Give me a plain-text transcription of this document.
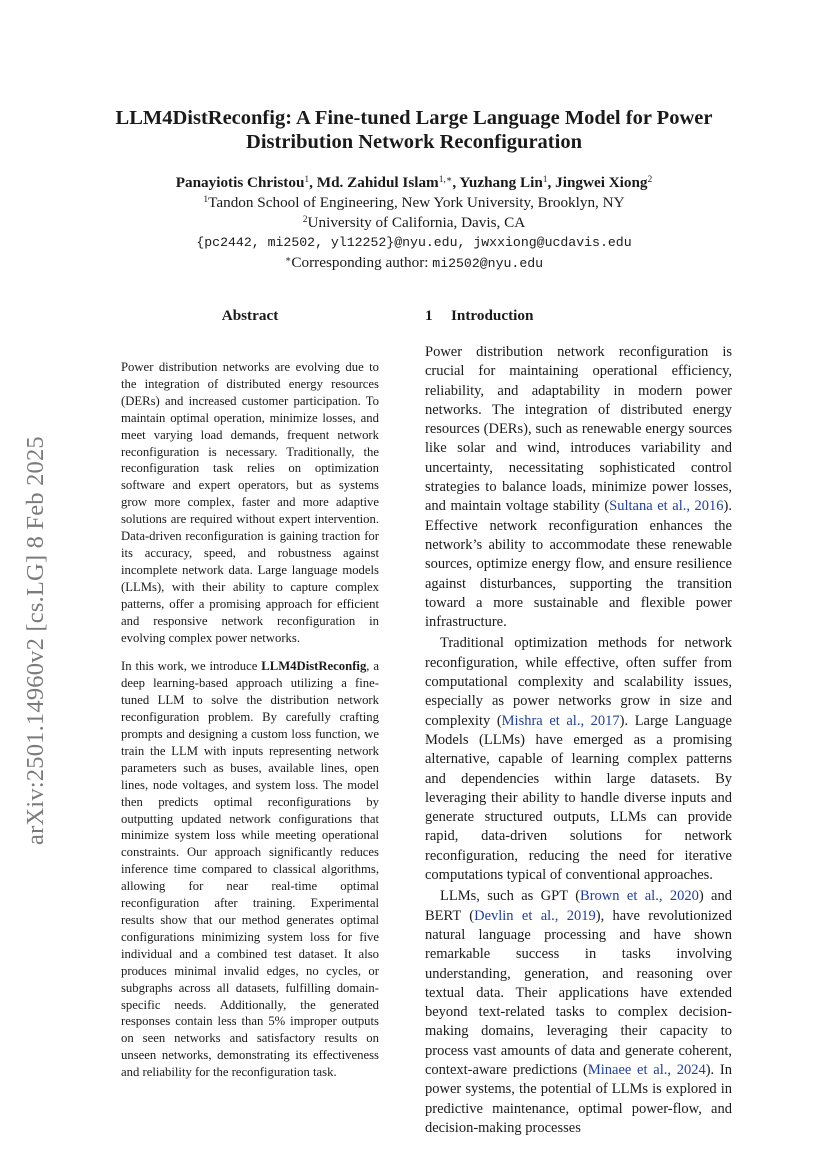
arXiv:2501.14960v2 [cs.LG] 8 Feb 2025
LLM4DistReconfig: A Fine-tuned Large Language Model for Power Distribution Network Reconfiguration
Panayiotis Christou$^1$, Md. Zahidul Islam$^{1,∗}$, Yuzhang Lin$^1$, Jingwei Xiong$^2$
$^1$Tandon School of Engineering, New York University, Brooklyn, NY
$^2$University of California, Davis, CA
{pc2442, mi2502, yl12252}@nyu.edu, jwxxiong@ucdavis.edu
∗Corresponding author: mi2502@nyu.edu
Abstract

Power distribution networks are evolving due to the integration of distributed energy resources (DERs) and increased customer participation. To maintain optimal operation, minimize losses, and meet varying load demands, frequent network reconfiguration is necessary. Traditionally, the reconfiguration task relies on optimization software and expert operators, but as systems grow more complex, faster and more adaptive solutions are required without expert intervention. Data-driven reconfiguration is gaining traction for its accuracy, speed, and robustness against incomplete network data. Large language models (LLMs), with their ability to capture complex patterns, offer a promising approach for efficient and responsive network reconfiguration in evolving complex power networks.

In this work, we introduce LLM4DistReconfig, a deep learning-based approach utilizing a fine-tuned LLM to solve the distribution network reconfiguration problem. By carefully crafting prompts and designing a custom loss function, we train the LLM with inputs representing network parameters such as buses, available lines, open lines, node voltages, and system loss. The model then predicts optimal reconfigurations by outputting updated network configurations that minimize system loss while meeting operational constraints. Our approach significantly reduces inference time compared to classical algorithms, allowing for near real-time optimal reconfiguration after training. Experimental results show that our method generates optimal configurations minimizing system loss for five individual and a combined test dataset. It also produces minimal invalid edges, no cycles, or subgraphs across all datasets, fulfilling domain-specific needs. Additionally, the generated responses contain less than 5% improper outputs on seen networks and satisfactory results on unseen networks, demonstrating its effectiveness and reliability for the reconfiguration task.

1 Introduction

Power distribution network reconfiguration is crucial for maintaining operational efficiency, reliability, and adaptability in modern power networks. The integration of distributed energy resources (DERs), such as renewable energy sources like solar and wind, introduces variability and uncertainty, necessitating sophisticated control strategies to balance loads, minimize power losses, and maintain voltage stability (Sultana et al., 2016). Effective network reconfiguration enhances the network’s ability to accommodate these renewable sources, optimize energy flow, and ensure resilience against disturbances, supporting the transition toward a more sustainable and flexible power infrastructure.

Traditional optimization methods for network reconfiguration, while effective, often suffer from computational complexity and scalability issues, especially as power networks grow in size and complexity (Mishra et al., 2017). Large Language Models (LLMs) have emerged as a promising alternative, capable of learning complex patterns and dependencies within large datasets. By leveraging their ability to handle diverse inputs and generate structured outputs, LLMs can provide rapid, data-driven solutions for network reconfiguration, reducing the need for iterative computations typical of conventional approaches.

LLMs, such as GPT (Brown et al., 2020) and BERT (Devlin et al., 2019), have revolutionized natural language processing and have shown remarkable success in tasks involving understanding, generation, and reasoning over textual data. Their applications have extended beyond text-related tasks to complex decision-making domains, leveraging their capacity to process vast amounts of data and generate coherent, context-aware predictions (Minaee et al., 2024). In power systems, the potential of LLMs is explored in predictive maintenance, optimal power-flow, and decision-making processes
